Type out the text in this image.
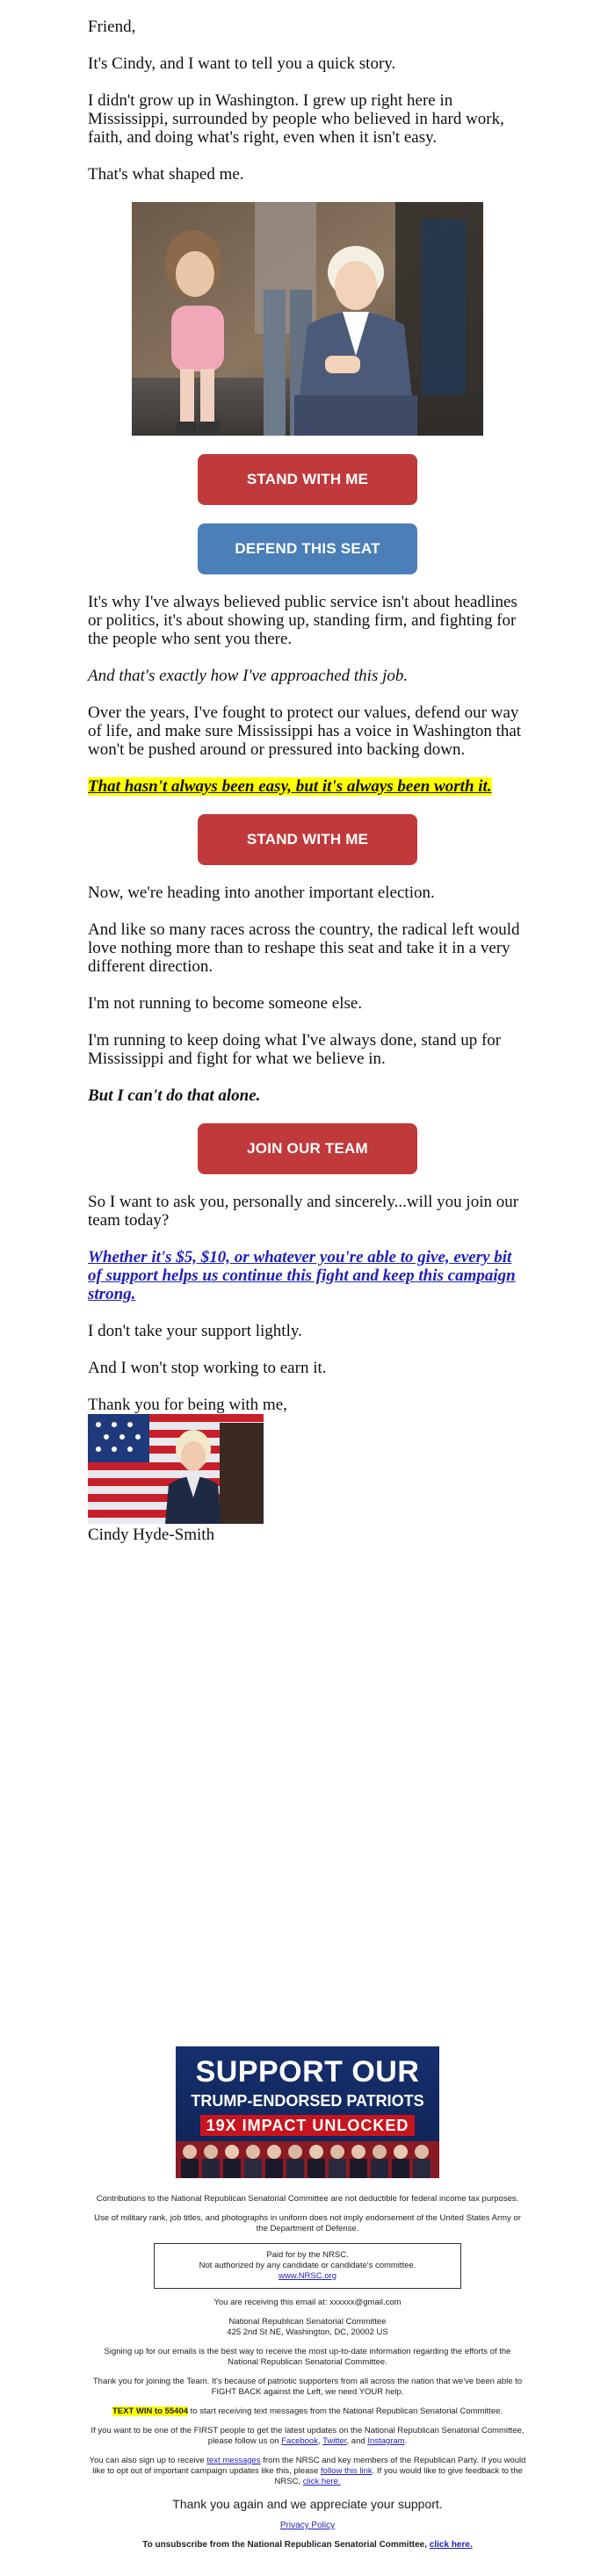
Friend,

It's Cindy, and I want to tell you a quick story.

I didn't grow up in Washington. I grew up right here in Mississippi, surrounded by people who believed in hard work, faith, and doing what's right, even when it isn't easy.

That's what shaped me.

STAND WITH ME
DEFEND THIS SEAT

It's why I've always believed public service isn't about headlines or politics, it's about showing up, standing firm, and fighting for the people who sent you there.

And that's exactly how I've approached this job.

Over the years, I've fought to protect our values, defend our way of life, and make sure Mississippi has a voice in Washington that won't be pushed around or pressured into backing down.

That hasn't always been easy, but it's always been worth it.

STAND WITH ME

Now, we're heading into another important election.

And like so many races across the country, the radical left would love nothing more than to reshape this seat and take it in a very different direction.

I'm not running to become someone else.

I'm running to keep doing what I've always done, stand up for Mississippi and fight for what we believe in.

But I can't do that alone.

JOIN OUR TEAM

So I want to ask you, personally and sincerely...will you join our team today?

Whether it's $5, $10, or whatever you're able to give, every bit of support helps us continue this fight and keep this campaign strong.

I don't take your support lightly.

And I won't stop working to earn it.

Thank you for being with me,

Cindy Hyde-Smith

SUPPORT OUR
TRUMP-ENDORSED PATRIOTS
19X IMPACT UNLOCKED

Contributions to the National Republican Senatorial Committee are not deductible for federal income tax purposes.

Use of military rank, job titles, and photographs in uniform does not imply endorsement of the United States Army or the Department of Defense.

Paid for by the NRSC.
Not authorized by any candidate or candidate's committee.
www.NRSC.org

You are receiving this email at: xxxxxx@gmail.com

National Republican Senatorial Committee
425 2nd St NE, Washington, DC, 20002 US

Signing up for our emails is the best way to receive the most up-to-date information regarding the efforts of the National Republican Senatorial Committee.

Thank you for joining the Team. It's because of patriotic supporters from all across the nation that we've been able to FIGHT BACK against the Left, we need YOUR help.

TEXT WIN to 55404 to start receiving text messages from the National Republican Senatorial Committee.

If you want to be one of the FIRST people to get the latest updates on the National Republican Senatorial Committee, please follow us on Facebook, Twitter, and Instagram.

You can also sign up to receive text messages from the NRSC and key members of the Republican Party. If you would like to opt out of important campaign updates like this, please follow this link. If you would like to give feedback to the NRSC, click here.

Thank you again and we appreciate your support.

Privacy Policy

To unsubscribe from the National Republican Senatorial Committee, click here.
